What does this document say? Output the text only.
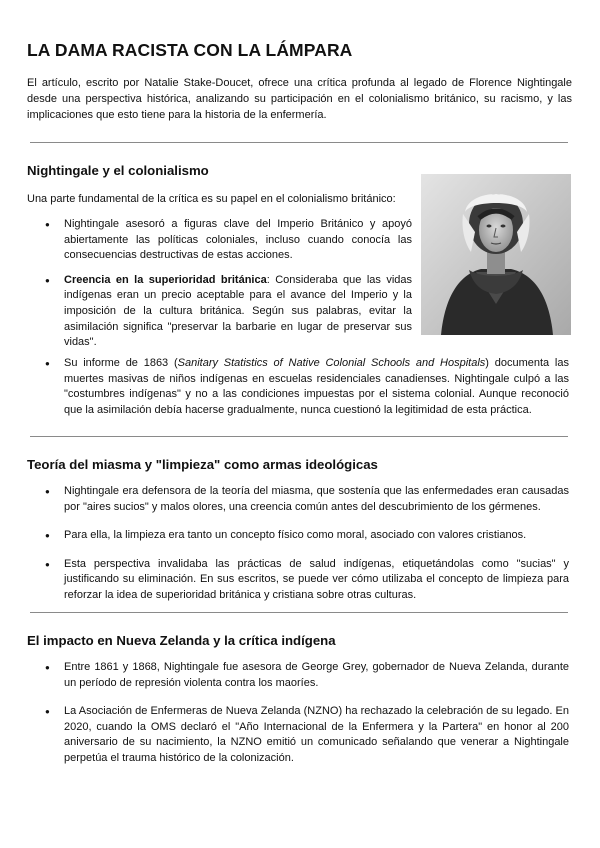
LA DAMA RACISTA CON LA LÁMPARA

El artículo, escrito por Natalie Stake-Doucet, ofrece una crítica profunda al legado de Florence Nightingale desde una perspectiva histórica, analizando su participación en el colonialismo británico, su racismo, y las implicaciones que esto tiene para la historia de la enfermería.

Nightingale y el colonialismo

Una parte fundamental de la crítica es su papel en el colonialismo británico:

● Nightingale asesoró a figuras clave del Imperio Británico y apoyó abiertamente las políticas coloniales, incluso cuando conocía las consecuencias destructivas de estas acciones.
● Creencia en la superioridad británica: Consideraba que las vidas indígenas eran un precio aceptable para el avance del Imperio y la imposición de la cultura británica. Según sus palabras, evitar la asimilación significa "preservar la barbarie en lugar de preservar sus vidas".
● Su informe de 1863 (Sanitary Statistics of Native Colonial Schools and Hospitals) documenta las muertes masivas de niños indígenas en escuelas residenciales canadienses. Nightingale culpó a las "costumbres indígenas" y no a las condiciones impuestas por el sistema colonial. Aunque reconoció que la asimilación debía hacerse gradualmente, nunca cuestionó la legitimidad de esta práctica.
Teoría del miasma y "limpieza" como armas ideológicas
● Nightingale era defensora de la teoría del miasma, que sostenía que las enfermedades eran causadas por "aires sucios" y malos olores, una creencia común antes del descubrimiento de los gérmenes.
● Para ella, la limpieza era tanto un concepto físico como moral, asociado con valores cristianos.
● Esta perspectiva invalidaba las prácticas de salud indígenas, etiquetándolas como "sucias" y justificando su eliminación. En sus escritos, se puede ver cómo utilizaba el concepto de limpieza para reforzar la idea de superioridad británica y cristiana sobre otras culturas.
El impacto en Nueva Zelanda y la crítica indígena
● Entre 1861 y 1868, Nightingale fue asesora de George Grey, gobernador de Nueva Zelanda, durante un período de represión violenta contra los maoríes.
● La Asociación de Enfermeras de Nueva Zelanda (NZNO) ha rechazado la celebración de su legado. En 2020, cuando la OMS declaró el "Año Internacional de la Enfermera y la Partera" en honor al 200 aniversario de su nacimiento, la NZNO emitió un comunicado señalando que venerar a Nightingale perpetúa el trauma histórico de la colonización.
